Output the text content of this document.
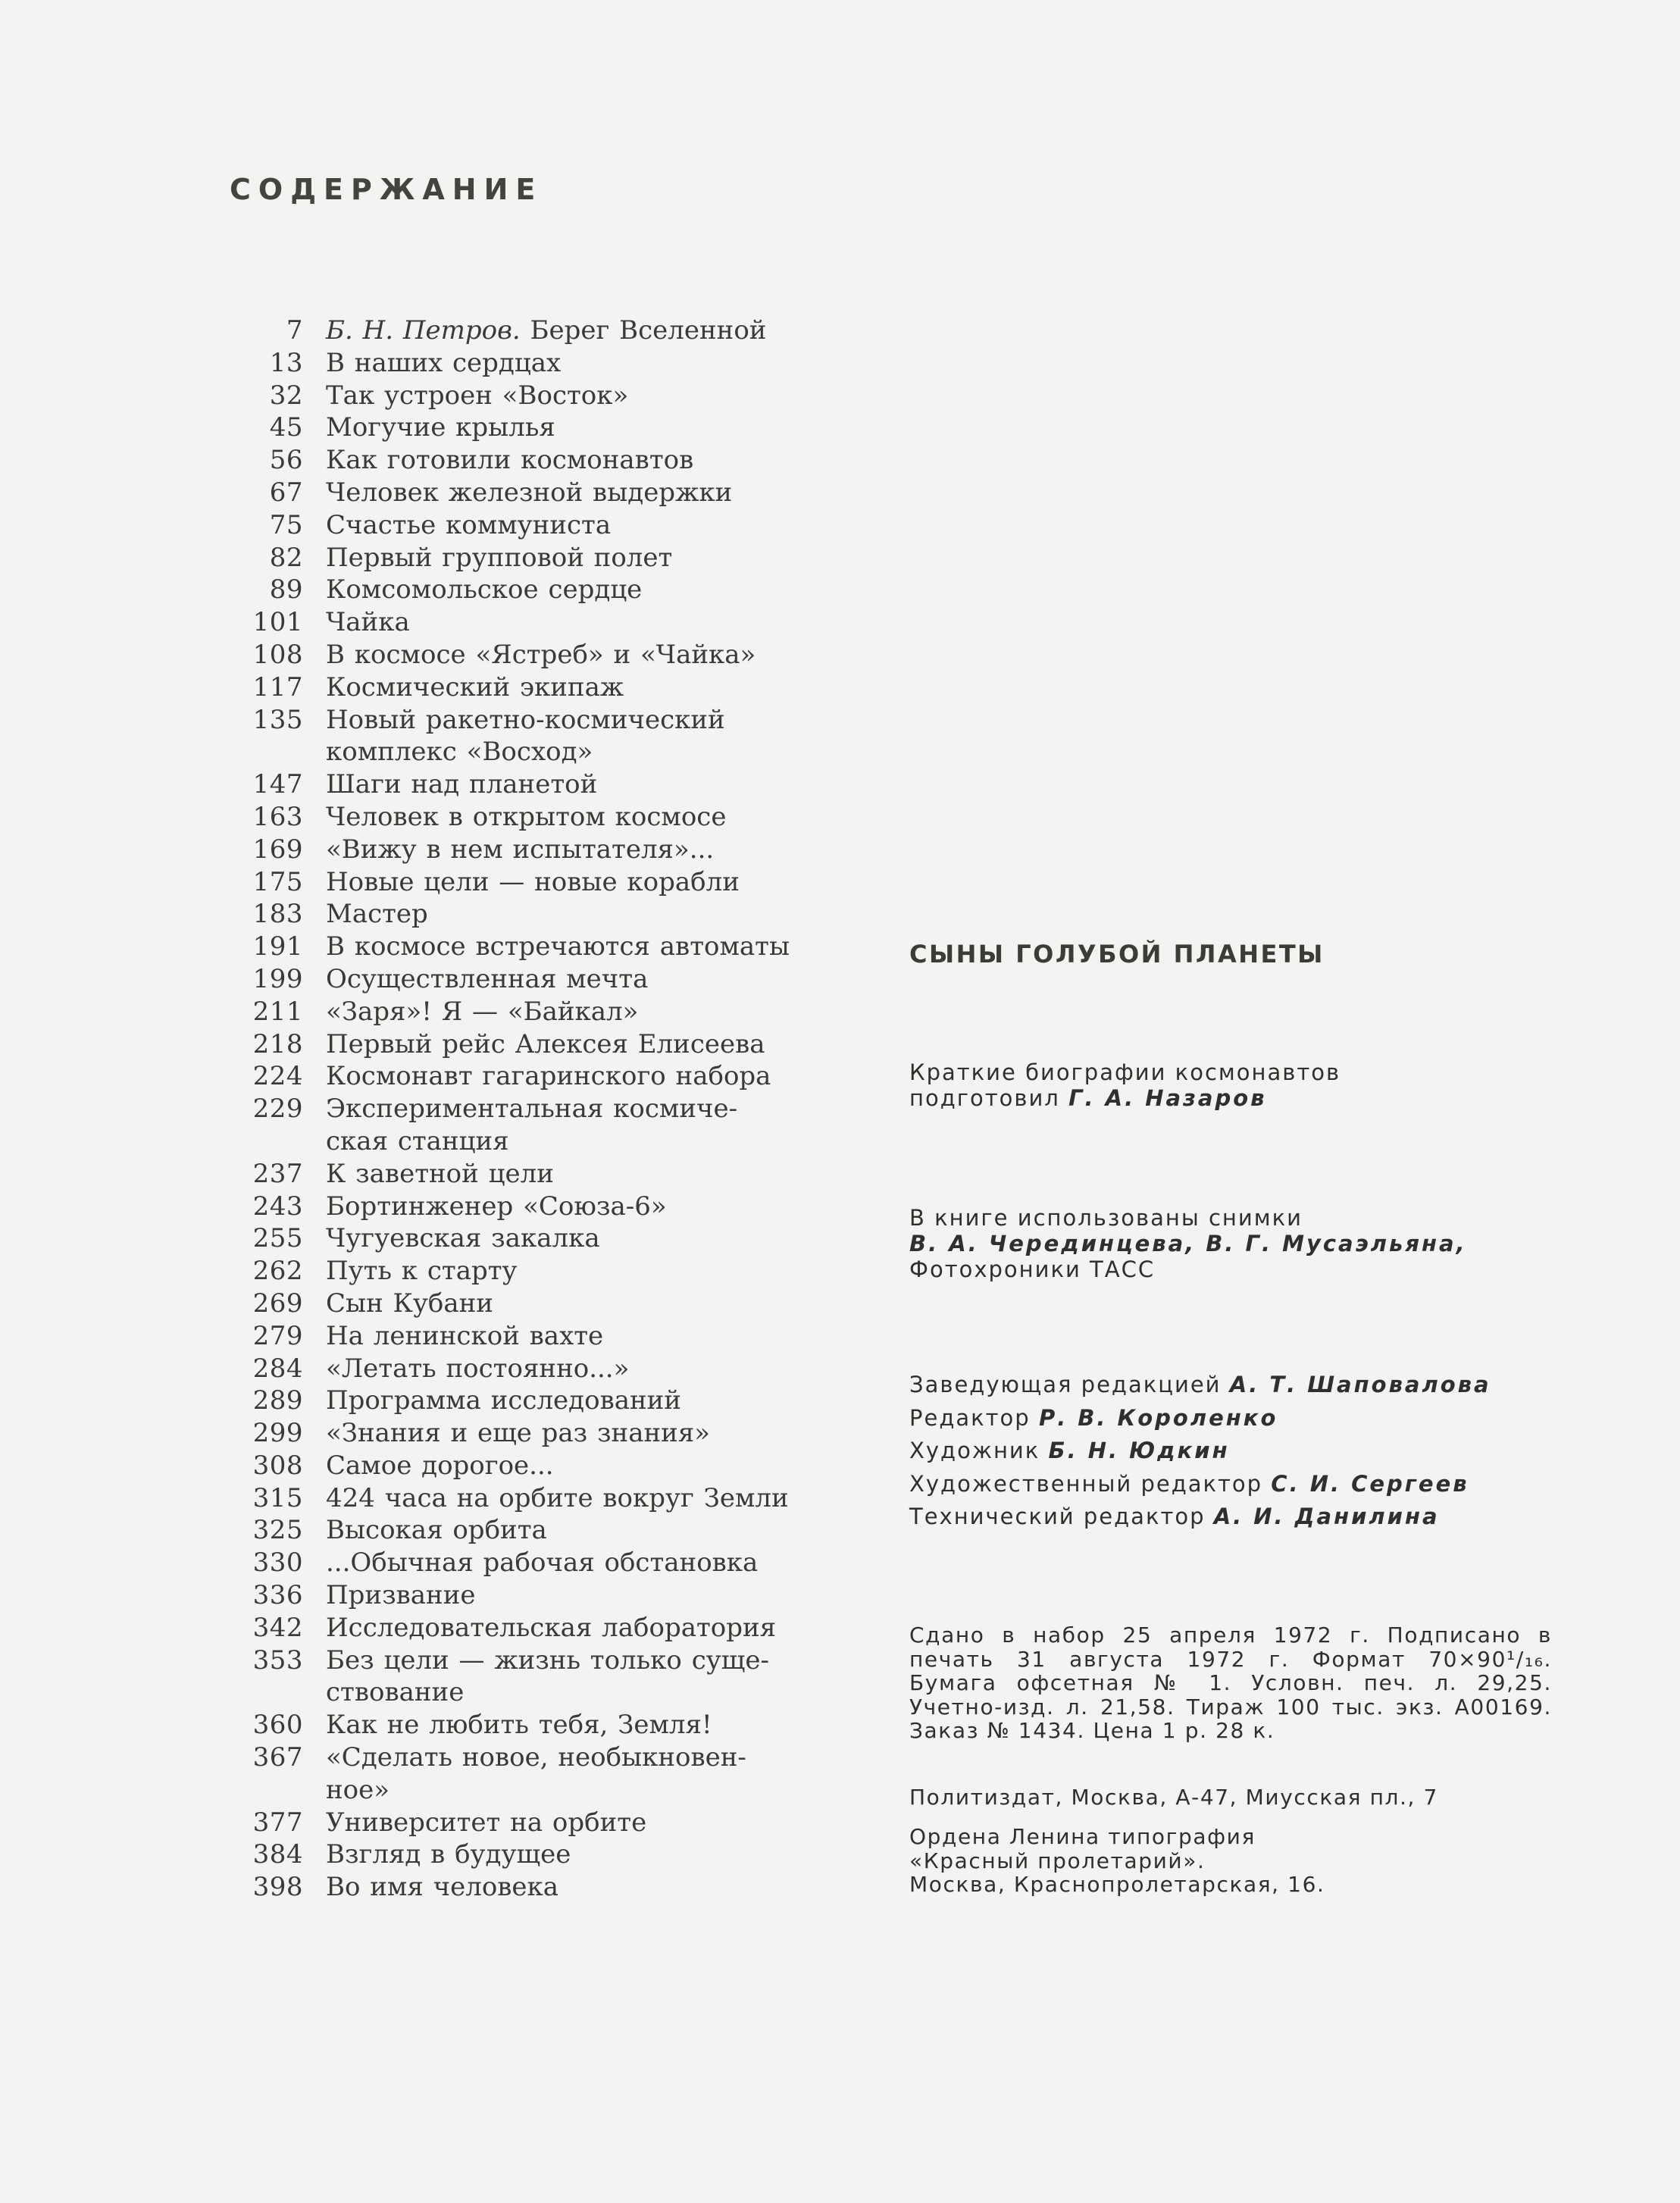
СОДЕРЖАНИЕ
7 Б. Н. Петров. Берег Вселенной
13 В наших сердцах
32 Так устроен «Восток»
45 Могучие крылья
56 Как готовили космонавтов
67 Человек железной выдержки
75 Счастье коммуниста
82 Первый групповой полет
89 Комсомольское сердце
101 Чайка
108 В космосе «Ястреб» и «Чайка»
117 Космический экипаж
135 Новый ракетно-космический
комплекс «Восход»
147 Шаги над планетой
163 Человек в открытом космосе
169 «Вижу в нем испытателя»...
175 Новые цели — новые корабли
183 Мастер
191 В космосе встречаются автоматы
199 Осуществленная мечта
211 «Заря»! Я — «Байкал»
218 Первый рейс Алексея Елисеева
224 Космонавт гагаринского набора
229 Экспериментальная космиче-
ская станция
237 К заветной цели
243 Бортинженер «Союза-6»
255 Чугуевская закалка
262 Путь к старту
269 Сын Кубани
279 На ленинской вахте
284 «Летать постоянно...»
289 Программа исследований
299 «Знания и еще раз знания»
308 Самое дорогое...
315 424 часа на орбите вокруг Земли
325 Высокая орбита
330 ...Обычная рабочая обстановка
336 Призвание
342 Исследовательская лаборатория
353 Без цели — жизнь только суще-
ствование
360 Как не любить тебя, Земля!
367 «Сделать новое, необыкновен-
ное»
377 Университет на орбите
384 Взгляд в будущее
398 Во имя человека
СЫНЫ ГОЛУБОЙ ПЛАНЕТЫ
Краткие биографии космонавтов
подготовил Г. А. Назаров
В книге использованы снимки
В. А. Черединцева, В. Г. Мусаэльяна,
Фотохроники ТАСС
Заведующая редакцией А. Т. Шаповалова
Редактор Р. В. Короленко
Художник Б. Н. Юдкин
Художественный редактор С. И. Сергеев
Технический редактор А. И. Данилина
Сдано в набор 25 апреля 1972 г. Подписано в печать 31 августа 1972 г. Формат 70×90¹/₁₆. Бумага офсетная № 1. Условн. печ. л. 29,25. Учетно-изд. л. 21,58. Тираж 100 тыс. экз. А00169. Заказ № 1434. Цена 1 р. 28 к.
Политиздат, Москва, А-47, Миусская пл., 7
Ордена Ленина типография
«Красный пролетарий».
Москва, Краснопролетарская, 16.
